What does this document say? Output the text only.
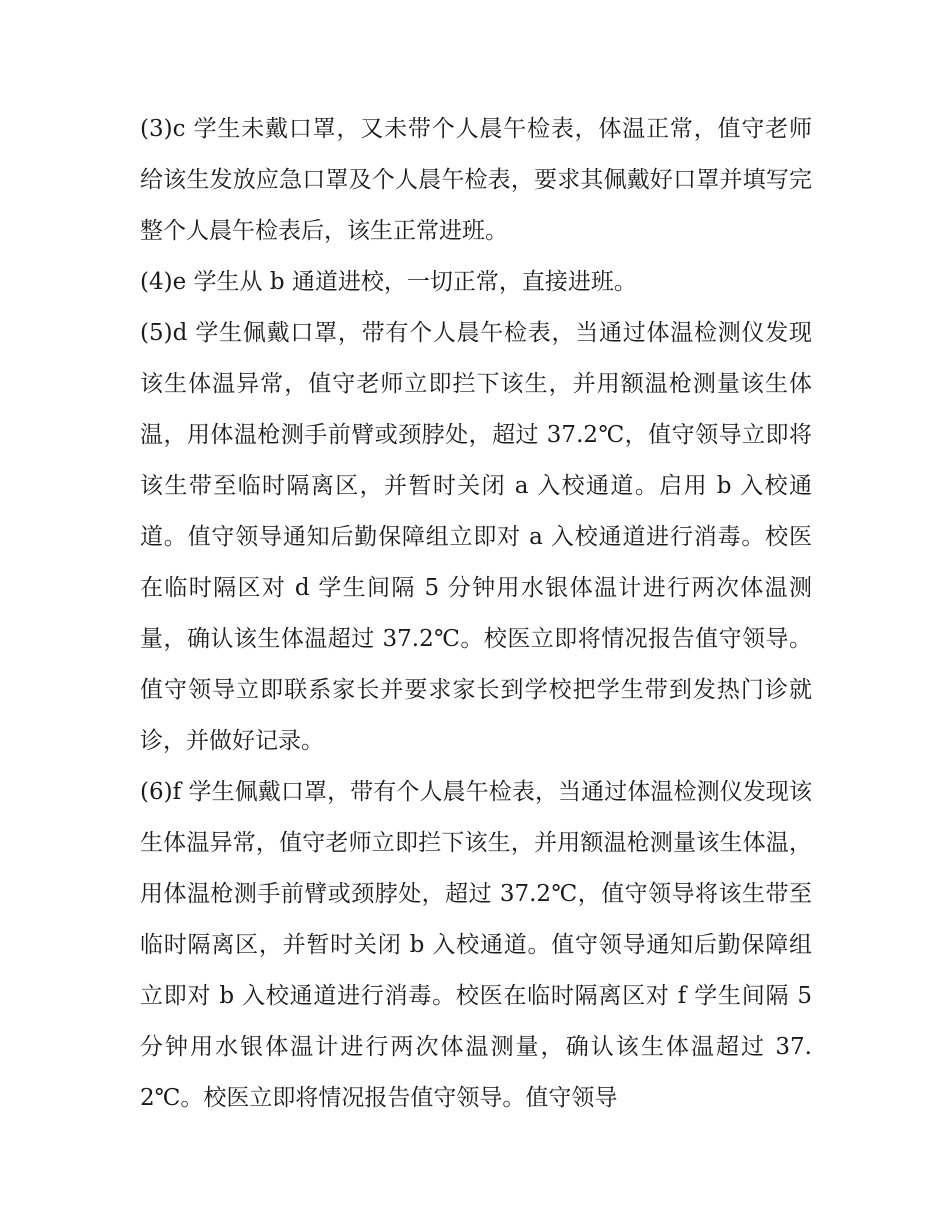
(3)c 学生未戴口罩，又未带个人晨午检表，体温正常，值守老师给该生发放应急口罩及个人晨午检表，要求其佩戴好口罩并填写完整个人晨午检表后，该生正常进班。

(4)e 学生从 b 通道进校，一切正常，直接进班。

(5)d 学生佩戴口罩，带有个人晨午检表，当通过体温检测仪发现该生体温异常，值守老师立即拦下该生，并用额温枪测量该生体温，用体温枪测手前臂或颈脖处，超过 37.2℃，值守领导立即将该生带至临时隔离区，并暂时关闭 a 入校通道。启用 b 入校通道。值守领导通知后勤保障组立即对 a 入校通道进行消毒。校医在临时隔区对 d 学生间隔 5 分钟用水银体温计进行两次体温测量，确认该生体温超过 37.2℃。校医立即将情况报告值守领导。值守领导立即联系家长并要求家长到学校把学生带到发热门诊就诊，并做好记录。

(6)f 学生佩戴口罩，带有个人晨午检表，当通过体温检测仪发现该生体温异常，值守老师立即拦下该生，并用额温枪测量该生体温，用体温枪测手前臂或颈脖处，超过 37.2℃，值守领导将该生带至临时隔离区，并暂时关闭 b 入校通道。值守领导通知后勤保障组立即对 b 入校通道进行消毒。校医在临时隔离区对 f 学生间隔 5 分钟用水银体温计进行两次体温测量，确认该生体温超过 37.2℃。校医立即将情况报告值守领导。值守领导
